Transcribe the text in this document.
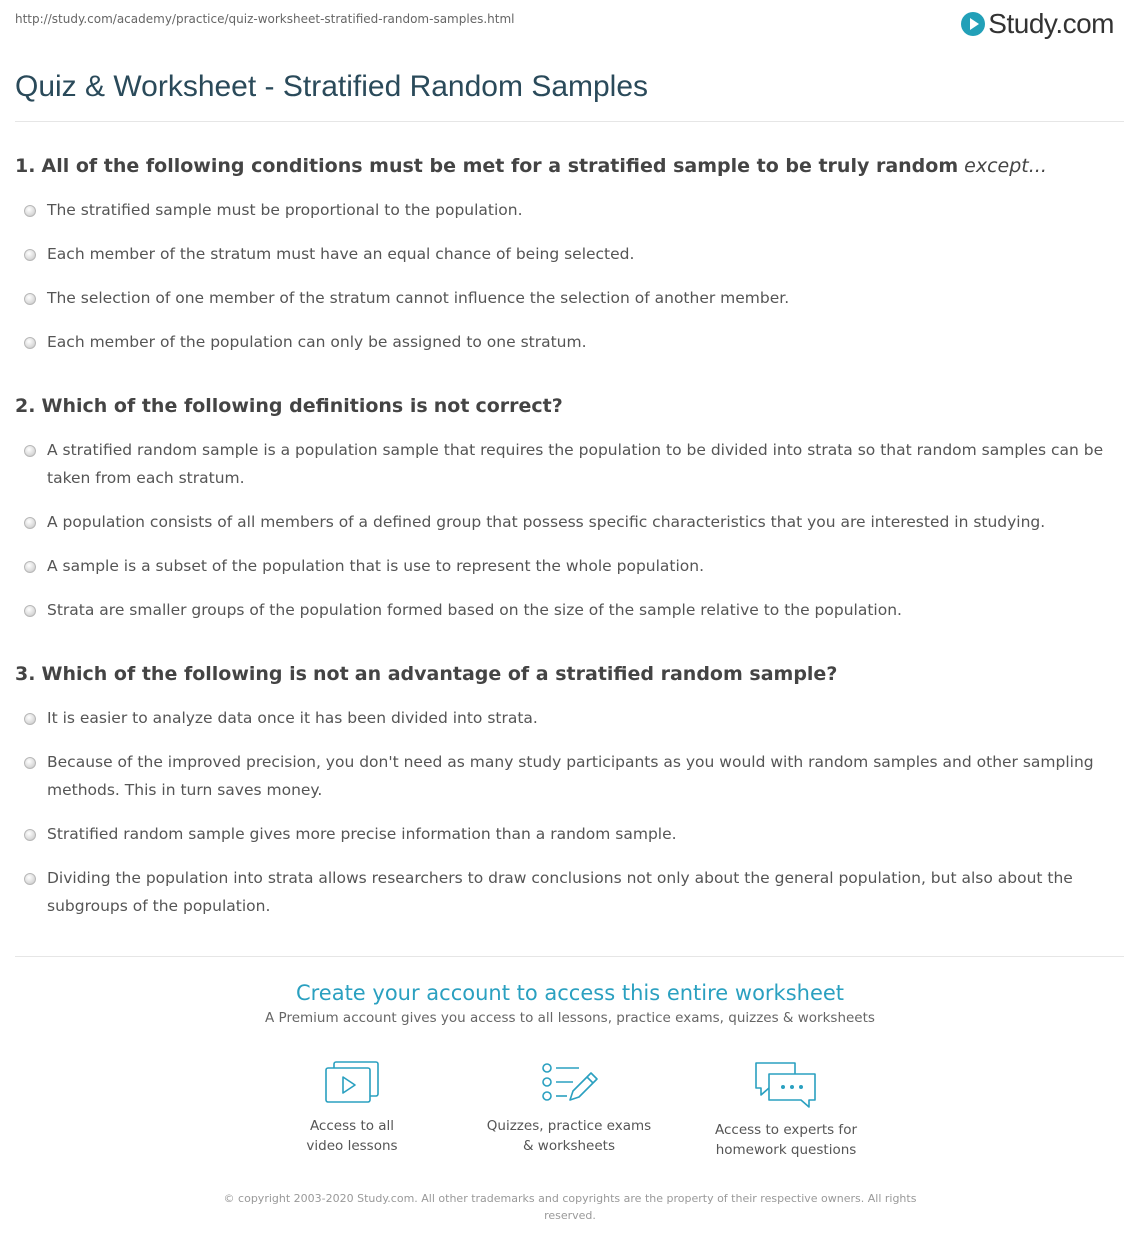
http://study.com/academy/practice/quiz-worksheet-stratified-random-samples.html	Study.com
Quiz & Worksheet - Stratified Random Samples
1. All of the following conditions must be met for a stratified sample to be truly random except...
The stratified sample must be proportional to the population.
Each member of the stratum must have an equal chance of being selected.
The selection of one member of the stratum cannot influence the selection of another member.
Each member of the population can only be assigned to one stratum.
2. Which of the following definitions is not correct?
A stratified random sample is a population sample that requires the population to be divided into strata so that random samples can be taken from each stratum.
A population consists of all members of a defined group that possess specific characteristics that you are interested in studying.
A sample is a subset of the population that is use to represent the whole population.
Strata are smaller groups of the population formed based on the size of the sample relative to the population.
3. Which of the following is not an advantage of a stratified random sample?
It is easier to analyze data once it has been divided into strata.
Because of the improved precision, you don't need as many study participants as you would with random samples and other sampling methods. This in turn saves money.
Stratified random sample gives more precise information than a random sample.
Dividing the population into strata allows researchers to draw conclusions not only about the general population, but also about the subgroups of the population.
Create your account to access this entire worksheet
A Premium account gives you access to all lessons, practice exams, quizzes & worksheets
Access to all
video lessons
Quizzes, practice exams
& worksheets
Access to experts for
homework questions
© copyright 2003-2020 Study.com. All other trademarks and copyrights are the property of their respective owners. All rights
reserved.
